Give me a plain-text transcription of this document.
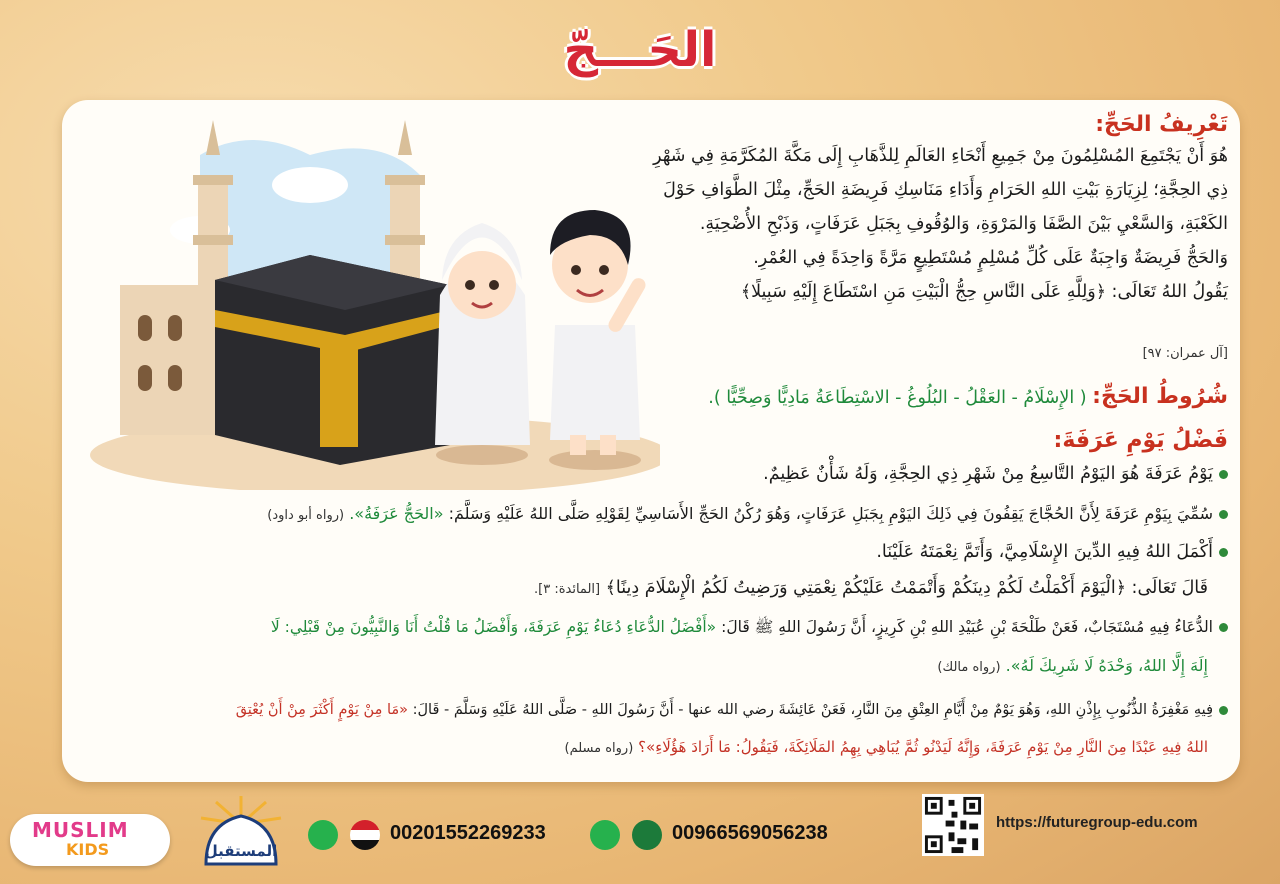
الحَـــجّ
تَعْرِيفُ الحَجِّ:
هُوَ أَنْ يَجْتَمِعَ المُسْلِمُونَ مِنْ جَمِيعِ أَنْحَاءِ العَالَمِ لِلذَّهَابِ إِلَى مَكَّةَ المُكَرَّمَةِ فِي شَهْرِ
ذِي الحِجَّةِ؛ لِزِيَارَةِ بَيْتِ اللهِ الحَرَامِ وَأَدَاءِ مَنَاسِكِ فَرِيضَةِ الحَجِّ، مِثْلَ الطَّوَافِ حَوْلَ
الكَعْبَةِ، وَالسَّعْيِ بَيْنَ الصَّفَا وَالمَرْوَةِ، وَالوُقُوفِ بِجَبَلِ عَرَفَاتٍ، وَذَبْحِ الأُضْحِيَةِ.
وَالحَجُّ فَرِيضَةٌ وَاجِبَةٌ عَلَى كُلِّ مُسْلِمٍ مُسْتَطِيعٍ مَرَّةً وَاحِدَةً فِي العُمْرِ.
يَقُولُ اللهُ تَعَالَى: ﴿وَلِلَّهِ عَلَى النَّاسِ حِجُّ الْبَيْتِ مَنِ اسْتَطَاعَ إِلَيْهِ سَبِيلًا﴾
[آل عمران: ٩٧]
شُرُوطُ الحَجِّ: ( الإِسْلَامُ - العَقْلُ - البُلُوغُ - الاسْتِطَاعَةُ مَادِيًّا وَصِحِّيًّا ).
فَضْلُ يَوْمِ عَرَفَةَ:
يَوْمُ عَرَفَةَ هُوَ اليَوْمُ التَّاسِعُ مِنْ شَهْرِ ذِي الحِجَّةِ، وَلَهُ شَأْنٌ عَظِيمٌ.
سُمِّيَ بِيَوْمِ عَرَفَةَ لِأَنَّ الحُجَّاجَ يَقِفُونَ فِي ذَلِكَ اليَوْمِ بِجَبَلِ عَرَفَاتٍ، وَهُوَ رُكْنُ الحَجِّ الأَسَاسِيِّ لِقَوْلِهِ صَلَّى اللهُ عَلَيْهِ وَسَلَّمَ: «الحَجُّ عَرَفَةُ». (رواه أبو داود)
أَكْمَلَ اللهُ فِيهِ الدِّينَ الإِسْلَامِيَّ، وَأَتَمَّ نِعْمَتَهُ عَلَيْنَا.
قَالَ تَعَالَى: ﴿الْيَوْمَ أَكْمَلْتُ لَكُمْ دِينَكُمْ وَأَتْمَمْتُ عَلَيْكُمْ نِعْمَتِي وَرَضِيتُ لَكُمُ الْإِسْلَامَ دِينًا﴾ [المائدة: ٣].
الدُّعَاءُ فِيهِ مُسْتَجَابٌ، فَعَنْ طَلْحَةَ بْنِ عُبَيْدِ اللهِ بْنِ كَرِيزٍ، أَنَّ رَسُولَ اللهِ ﷺ قَالَ: «أَفْضَلُ الدُّعَاءِ دُعَاءُ يَوْمِ عَرَفَةَ، وَأَفْضَلُ مَا قُلْتُ أَنَا وَالنَّبِيُّونَ مِنْ قَبْلِي: لَا
إِلَهَ إِلَّا اللهُ، وَحْدَهُ لَا شَرِيكَ لَهُ». (رواه مالك)
فِيهِ مَغْفِرَةُ الذُّنُوبِ بِإِذْنِ اللهِ، وَهُوَ يَوْمٌ مِنْ أَيَّامِ العِتْقِ مِنَ النَّارِ، فَعَنْ عَائِشَةَ رضي الله عنها - أَنَّ رَسُولَ اللهِ - صَلَّى اللهُ عَلَيْهِ وَسَلَّمَ - قَالَ: «مَا مِنْ يَوْمٍ أَكْثَرَ مِنْ أَنْ يُعْتِقَ
اللهُ فِيهِ عَبْدًا مِنَ النَّارِ مِنْ يَوْمِ عَرَفَةَ، وَإِنَّهُ لَيَدْنُو ثُمَّ يُبَاهِي بِهِمُ المَلَائِكَةَ، فَيَقُولُ: مَا أَرَادَ هَؤُلَاءِ»؟ (رواه مسلم)
MUSLIM
KIDS	المستقبل
00201552269233	00966569056238	https://futuregroup-edu.com
